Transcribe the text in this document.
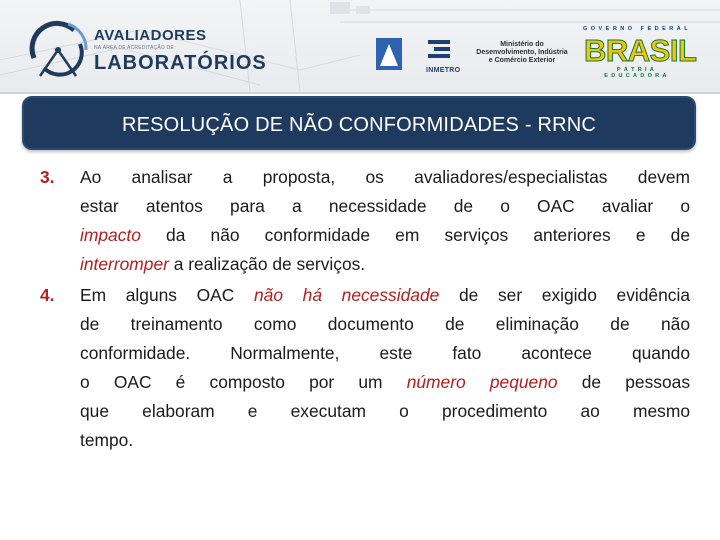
AVALIADORES
NA ÁREA DE ACREDITAÇÃO DE
LABORATÓRIOS	INMETRO
Ministério do
Desenvolvimento, Indústria
e Comércio Exterior
GOVERNO FEDERAL
BRASIL
PÁTRIA EDUCADORA
RESOLUÇÃO DE NÃO CONFORMIDADES - RRNC
3. Ao analisar a proposta, os avaliadores/especialistas devem
estar atentos para a necessidade de o OAC avaliar o
impacto da não conformidade em serviços anteriores e de
interromper a realização de serviços.
4. Em alguns OAC não há necessidade de ser exigido evidência
de treinamento como documento de eliminação de não
conformidade. Normalmente, este fato acontece quando
o OAC é composto por um número pequeno de pessoas
que elaboram e executam o procedimento ao mesmo
tempo.
